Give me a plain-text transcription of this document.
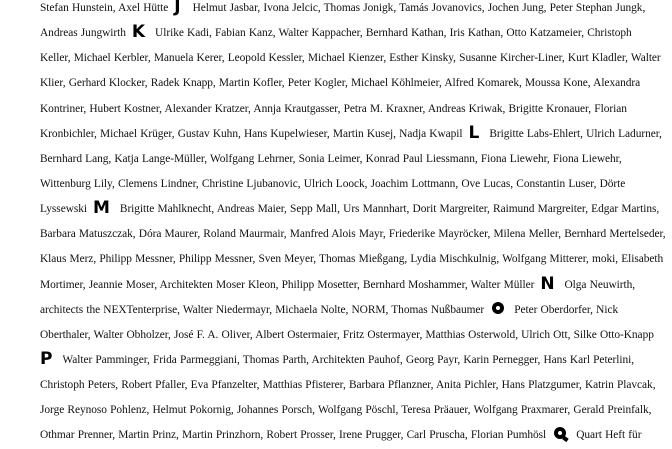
Stefan Hunstein, Axel Hütte J Helmut Jasbar, Ivona Jelcic, Thomas Jonigk, Tamás Jovanovics, Jochen Jung, Peter Stephan Jungk,
Andreas Jungwirth K Ulrike Kadi, Fabian Kanz, Walter Kappacher, Bernhard Kathan, Iris Kathan, Otto Katzameier, Christoph
Keller, Michael Kerbler, Manuela Kerer, Leopold Kessler, Michael Kienzer, Esther Kinsky, Susanne Kircher-Liner, Kurt Kladler, Walter
Klier, Gerhard Klocker, Radek Knapp, Martin Kofler, Peter Kogler, Michael Köhlmeier, Alfred Komarek, Moussa Kone, Alexandra
Kontriner, Hubert Kostner, Alexander Kratzer, Annja Krautgasser, Petra M. Kraxner, Andreas Kriwak, Brigitte Kronauer, Florian
Kronbichler, Michael Krüger, Gustav Kuhn, Hans Kupelwieser, Martin Kusej, Nadja Kwapil L Brigitte Labs-Ehlert, Ulrich Ladurner,
Bernhard Lang, Katja Lange-Müller, Wolfgang Lehrner, Sonia Leimer, Konrad Paul Liessmann, Fiona Liewehr, Fiona Liewehr,
Wittenburg Lily, Clemens Lindner, Christine Ljubanovic, Ulrich Loock, Joachim Lottmann, Ove Lucas, Constantin Luser, Dörte
Lyssewski M Brigitte Mahlknecht, Andreas Maier, Sepp Mall, Urs Mannhart, Dorit Margreiter, Raimund Margreiter, Edgar Martins,
Barbara Matuszczak, Dóra Maurer, Roland Maurmair, Manfred Alois Mayr, Friederike Mayröcker, Milena Meller, Bernhard Mertelseder,
Klaus Merz, Philipp Messner, Philipp Messner, Sven Meyer, Thomas Mießgang, Lydia Mischkulnig, Wolfgang Mitterer, moki, Elisabeth
Mortimer, Jeannie Moser, Architekten Moser Kleon, Philipp Mosetter, Bernhard Moshammer, Walter Müller N Olga Neuwirth,
architects the NEXTenterprise, Walter Niedermayr, Michaela Nolte, NORM, Thomas Nußbaumer	Peter Oberdorfer, Nick
Oberthaler, Walter Obholzer, José F. A. Oliver, Albert Ostermaier, Fritz Ostermayer, Matthias Osterwold, Ulrich Ott, Silke Otto-Knapp
P Walter Pamminger, Frida Parmeggiani, Thomas Parth, Architekten Pauhof, Georg Payr, Karin Pernegger, Hans Karl Peterlini,
Christoph Peters, Robert Pfaller, Eva Pfanzelter, Matthias Pfisterer, Barbara Pflanzner, Anita Pichler, Hans Platzgumer, Katrin Plavcak,
Jorge Reynoso Pohlenz, Helmut Pokornig, Johannes Porsch, Wolfgang Pöschl, Teresa Präauer, Wolfgang Praxmarer, Gerald Preinfalk,
Othmar Prenner, Martin Prinz, Martin Prinzhorn, Robert Prosser, Irene Prugger, Carl Pruscha, Florian Pumhösl	Quart Heft für
